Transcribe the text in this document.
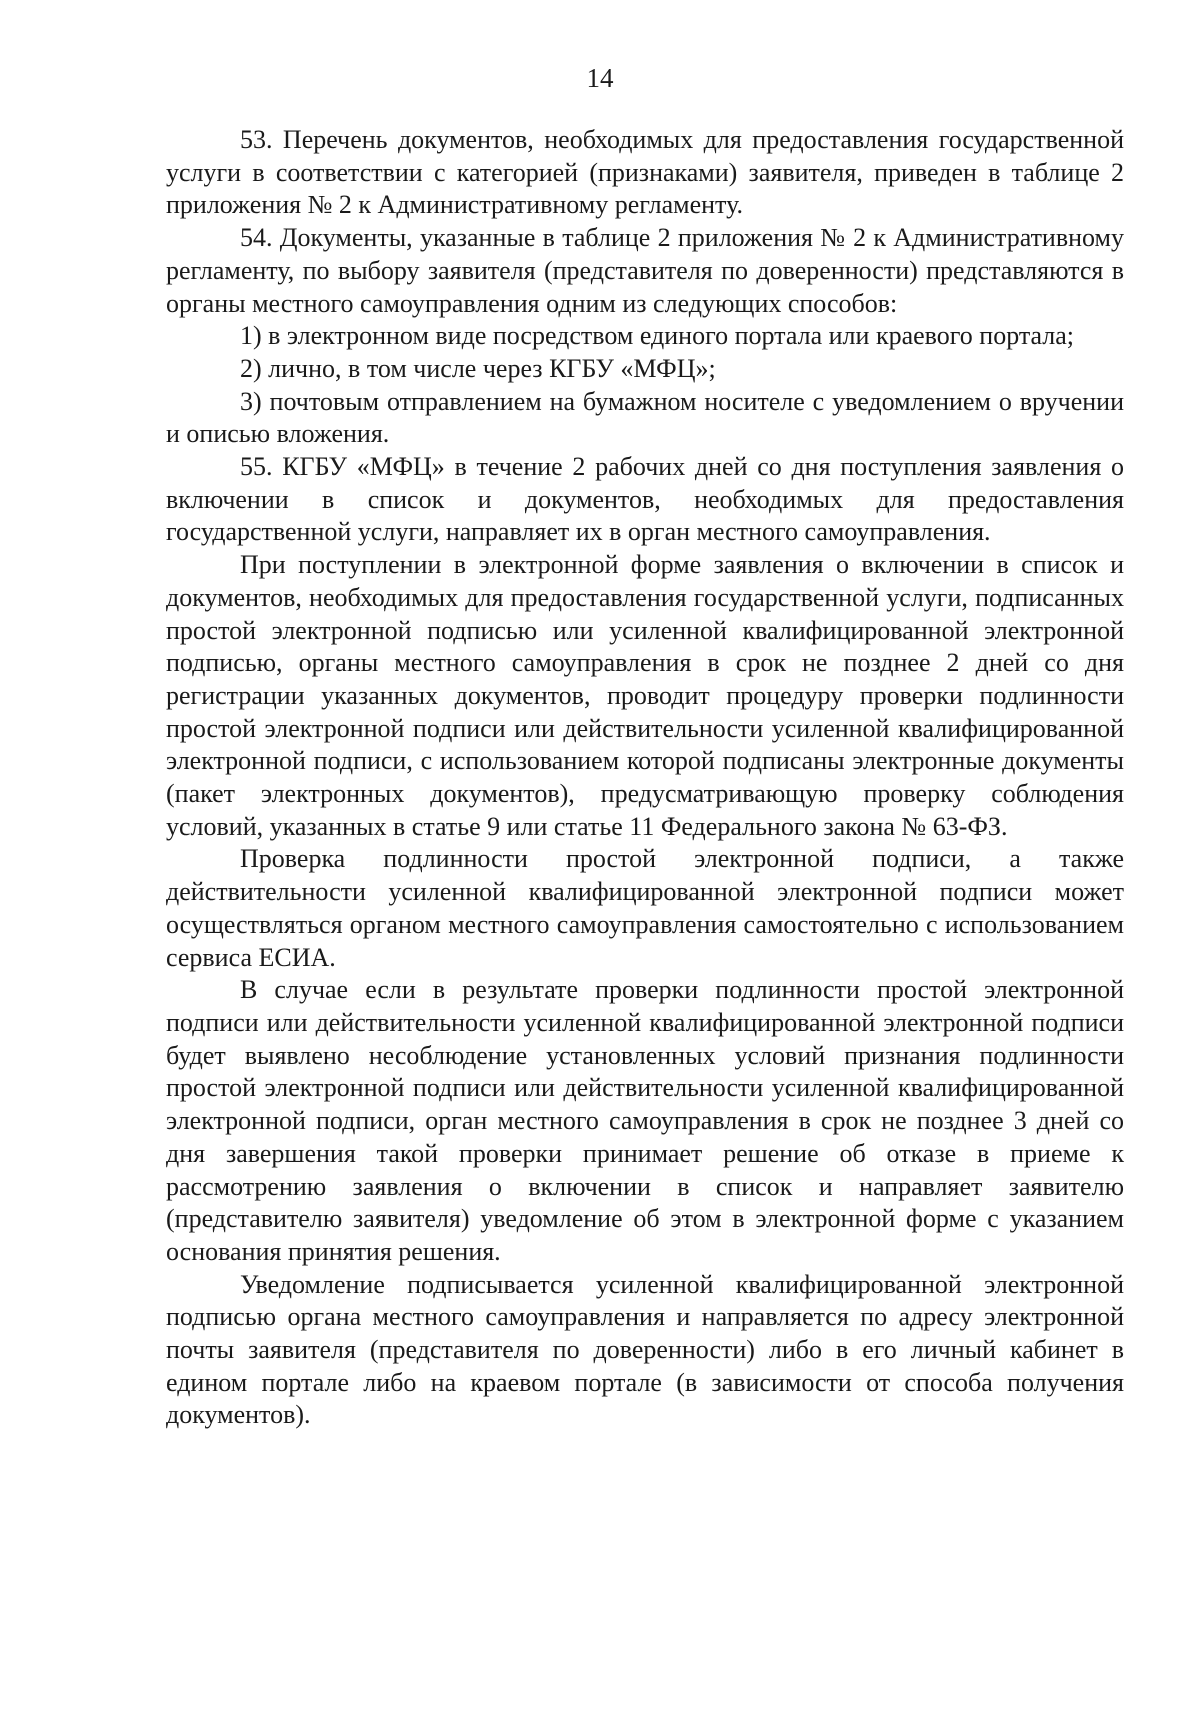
14

53. Перечень документов, необходимых для предоставления государственной услуги в соответствии с категорией (признаками) заявителя, приведен в таблице 2 приложения № 2 к Административному регламенту.

54. Документы, указанные в таблице 2 приложения № 2 к Административному регламенту, по выбору заявителя (представителя по доверенности) представляются в органы местного самоуправления одним из следующих способов:

1) в электронном виде посредством единого портала или краевого портала;

2) лично, в том числе через КГБУ «МФЦ»;

3) почтовым отправлением на бумажном носителе с уведомлением о вручении и описью вложения.

55. КГБУ «МФЦ» в течение 2 рабочих дней со дня поступления заявления о включении в список и документов, необходимых для предоставления государственной услуги, направляет их в орган местного самоуправления.

При поступлении в электронной форме заявления о включении в список и документов, необходимых для предоставления государственной услуги, подписанных простой электронной подписью или усиленной квалифицированной электронной подписью, органы местного самоуправления в срок не позднее 2 дней со дня регистрации указанных документов, проводит процедуру проверки подлинности простой электронной подписи или действительности усиленной квалифицированной электронной подписи, с использованием которой подписаны электронные документы (пакет электронных документов), предусматривающую проверку соблюдения условий, указанных в статье 9 или статье 11 Федерального закона № 63-ФЗ.

Проверка подлинности простой электронной подписи, а также действительности усиленной квалифицированной электронной подписи может осуществляться органом местного самоуправления самостоятельно с использованием сервиса ЕСИА.

В случае если в результате проверки подлинности простой электронной подписи или действительности усиленной квалифицированной электронной подписи будет выявлено несоблюдение установленных условий признания подлинности простой электронной подписи или действительности усиленной квалифицированной электронной подписи, орган местного самоуправления в срок не позднее 3 дней со дня завершения такой проверки принимает решение об отказе в приеме к рассмотрению заявления о включении в список и направляет заявителю (представителю заявителя) уведомление об этом в электронной форме с указанием основания принятия решения.

Уведомление подписывается усиленной квалифицированной электронной подписью органа местного самоуправления и направляется по адресу электронной почты заявителя (представителя по доверенности) либо в его личный кабинет в едином портале либо на краевом портале (в зависимости от способа получения документов).
